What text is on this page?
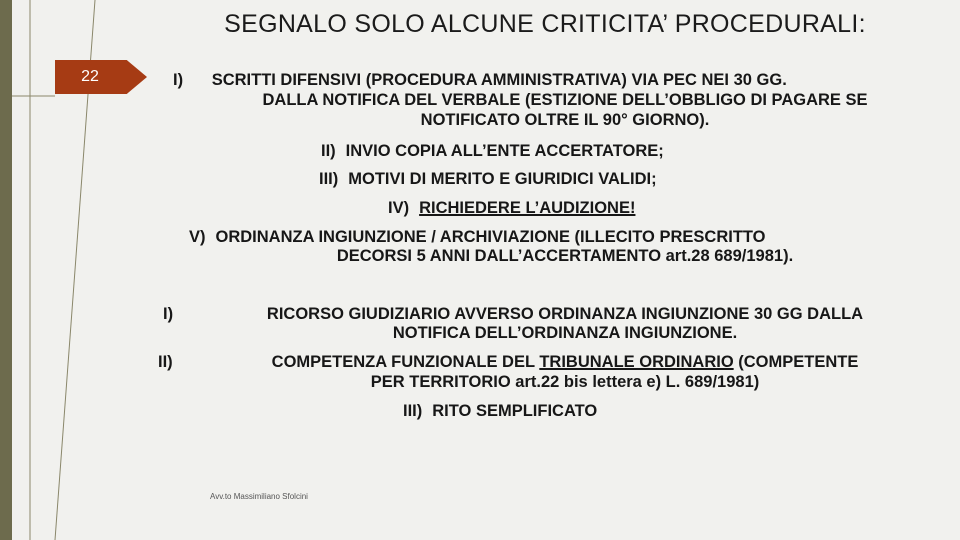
22
SEGNALO SOLO ALCUNE CRITICITA’ PROCEDURALI:
I) SCRITTI DIFENSIVI (PROCEDURA AMMINISTRATIVA) VIA PEC NEI 30 GG.
DALLA NOTIFICA DEL VERBALE (ESTIZIONE DELL’OBBLIGO DI PAGARE SE
NOTIFICATO OLTRE IL 90° GIORNO).
II) INVIO COPIA ALL’ENTE ACCERTATORE;
III) MOTIVI DI MERITO E GIURIDICI VALIDI;
IV) RICHIEDERE L’AUDIZIONE!
V) ORDINANZA INGIUNZIONE / ARCHIVIAZIONE (ILLECITO PRESCRITTO
DECORSI 5 ANNI DALL’ACCERTAMENTO art.28 689/1981).
I)	RICORSO GIUDIZIARIO AVVERSO ORDINANZA INGIUNZIONE 30 GG DALLA
NOTIFICA DELL’ORDINANZA INGIUNZIONE.
II)	COMPETENZA FUNZIONALE DEL TRIBUNALE ORDINARIO (COMPETENTE
PER TERRITORIO art.22 bis lettera e) L. 689/1981)
III) RITO SEMPLIFICATO
Avv.to Massimiliano Sfolcini
